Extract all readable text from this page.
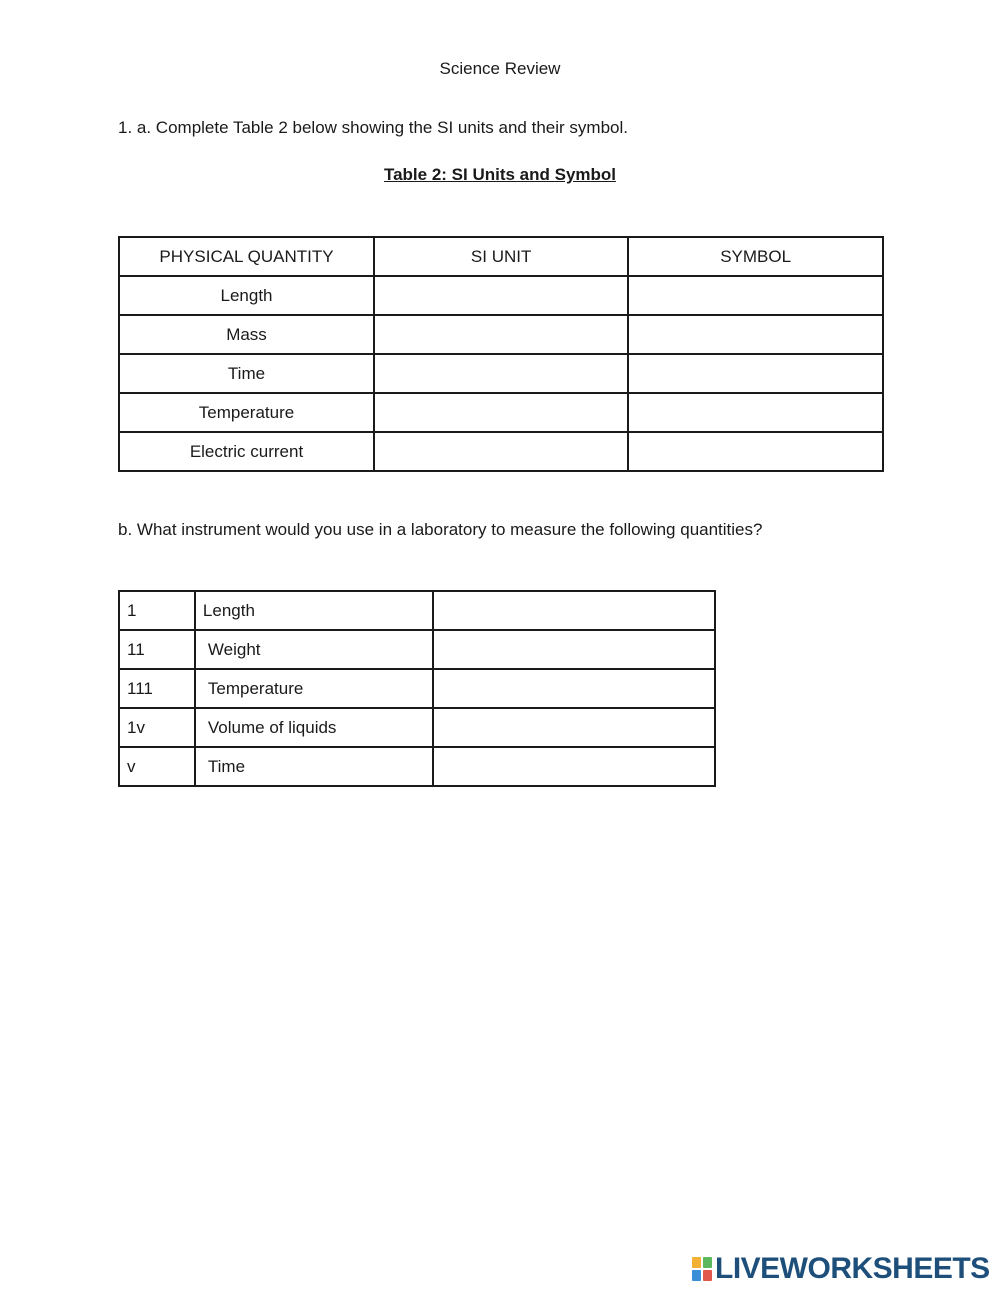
Science Review
1. a. Complete Table 2 below showing the SI units and their symbol.
Table 2: SI Units and Symbol
PHYSICAL QUANTITY	SI UNIT	SYMBOL
Length		
Mass		
Time		
Temperature		
Electric current		
b. What instrument would you use in a laboratory to measure the following quantities?
1	Length	
11	Weight	
111	Temperature	
1v	Volume of liquids	
v	Time	
LIVEWORKSHEETS
